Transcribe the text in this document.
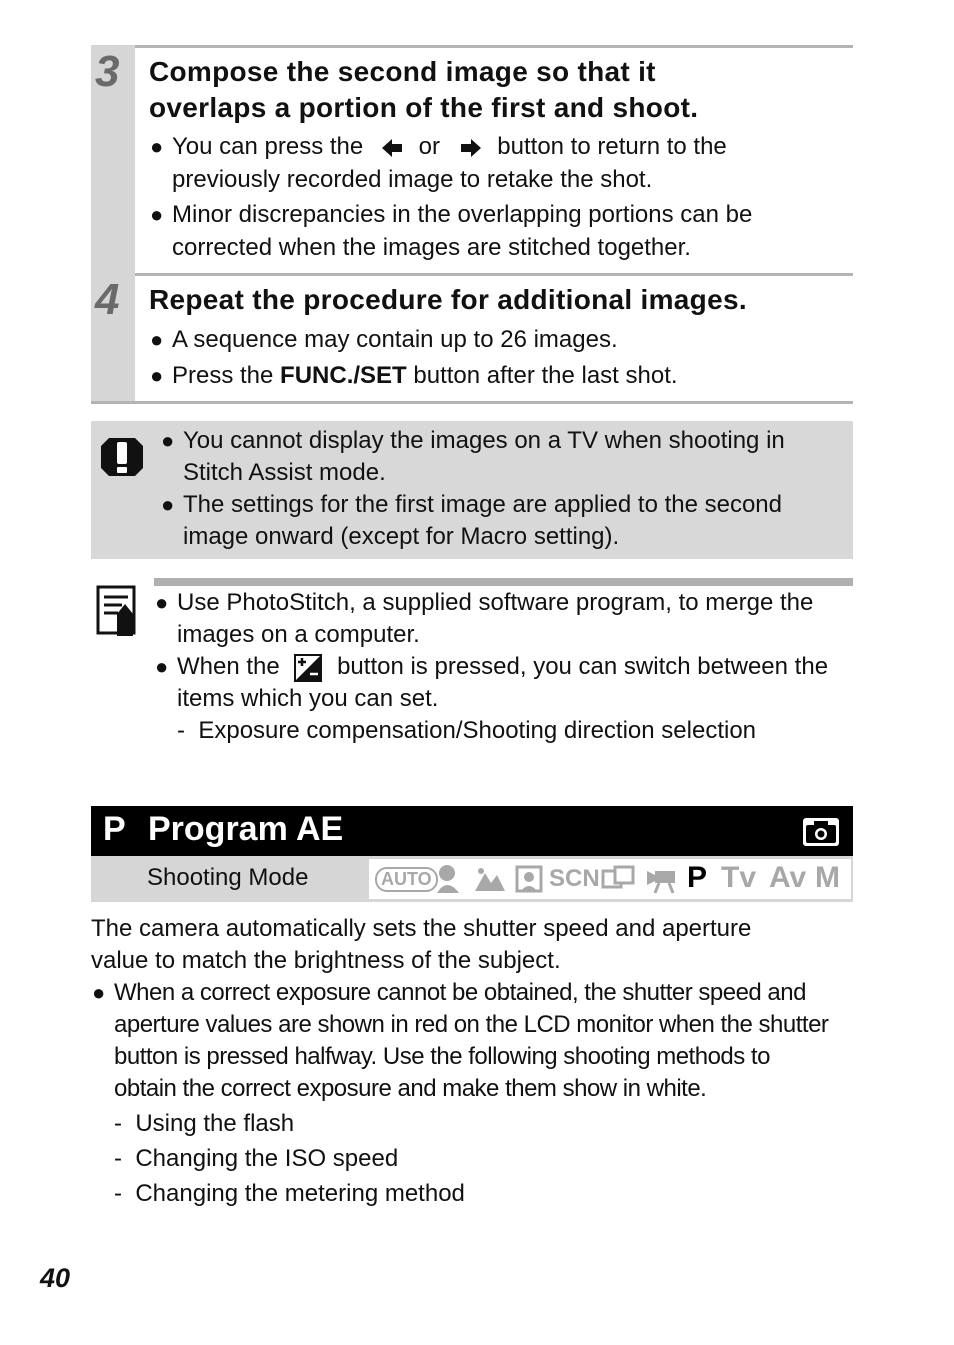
3 Compose the second image so that it
overlaps a portion of the first and shoot.
● You can press the or button to return to the
previously recorded image to retake the shot.
● Minor discrepancies in the overlapping portions can be
corrected when the images are stitched together.
4 Repeat the procedure for additional images.
● A sequence may contain up to 26 images.
● Press the FUNC./SET button after the last shot.
● You cannot display the images on a TV when shooting in
Stitch Assist mode.
● The settings for the first image are applied to the second
image onward (except for Macro setting).
● Use PhotoStitch, a supplied software program, to merge the
images on a computer.
● When the button is pressed, you can switch between the
items which you can set.
- Exposure compensation/Shooting direction selection
P Program AE
Shooting Mode	AUTO	SCN	P Tv Av M
The camera automatically sets the shutter speed and aperture
value to match the brightness of the subject.
● When a correct exposure cannot be obtained, the shutter speed and
aperture values are shown in red on the LCD monitor when the shutter
button is pressed halfway. Use the following shooting methods to
obtain the correct exposure and make them show in white.
- Using the flash
- Changing the ISO speed
- Changing the metering method
40
